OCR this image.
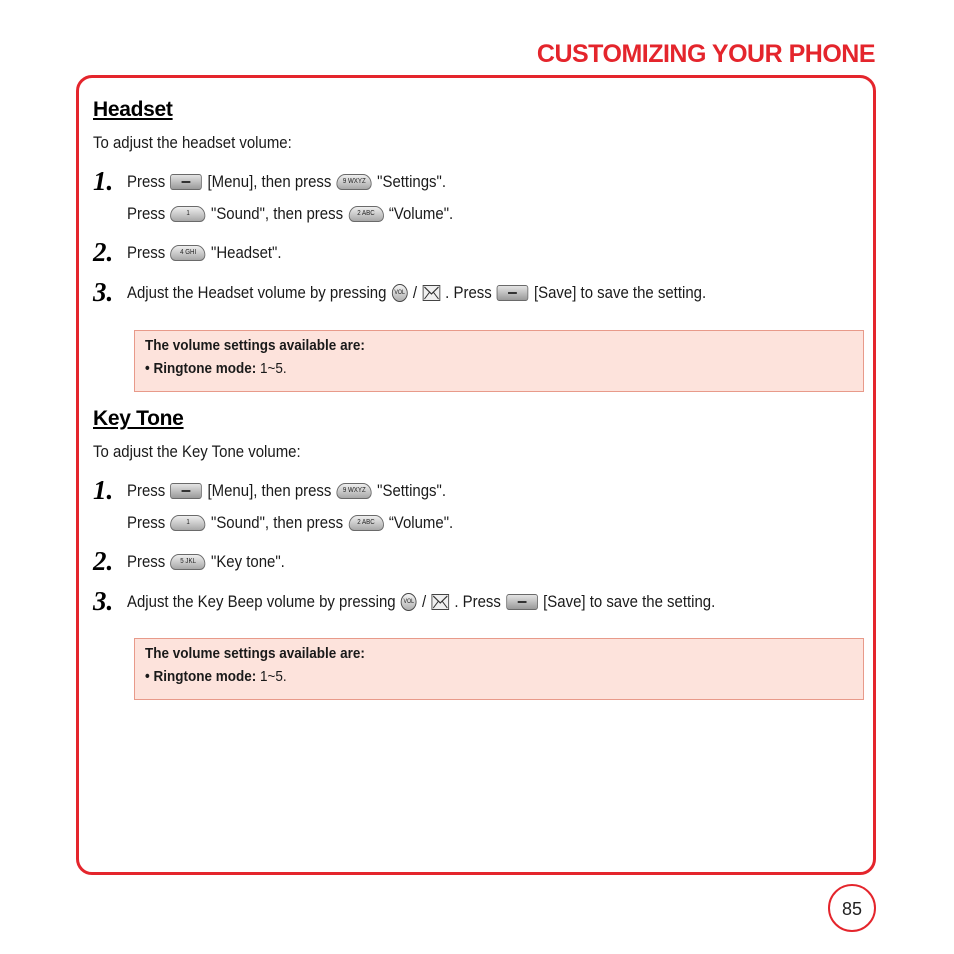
CUSTOMIZING YOUR PHONE
Headset
To adjust the headset volume:
1. Press [Menu], then press	9 WXYZ "Settings".
Press	1	"Sound", then press	2 ABC “Volume".
2. Press	4 GHI "Headset".
3. Adjust the Headset volume by pressing	VOL / . Press [Save] to save the setting.
The volume settings available are:
• Ringtone mode: 1~5.
Key Tone
To adjust the Key Tone volume:
1. Press [Menu], then press	9 WXYZ "Settings".
Press	1	"Sound", then press	2 ABC “Volume".
2. Press	5 JKL "Key tone".
3. Adjust the Key Beep volume by pressing	VOL / . Press [Save] to save the setting.
The volume settings available are:
• Ringtone mode: 1~5.
85
